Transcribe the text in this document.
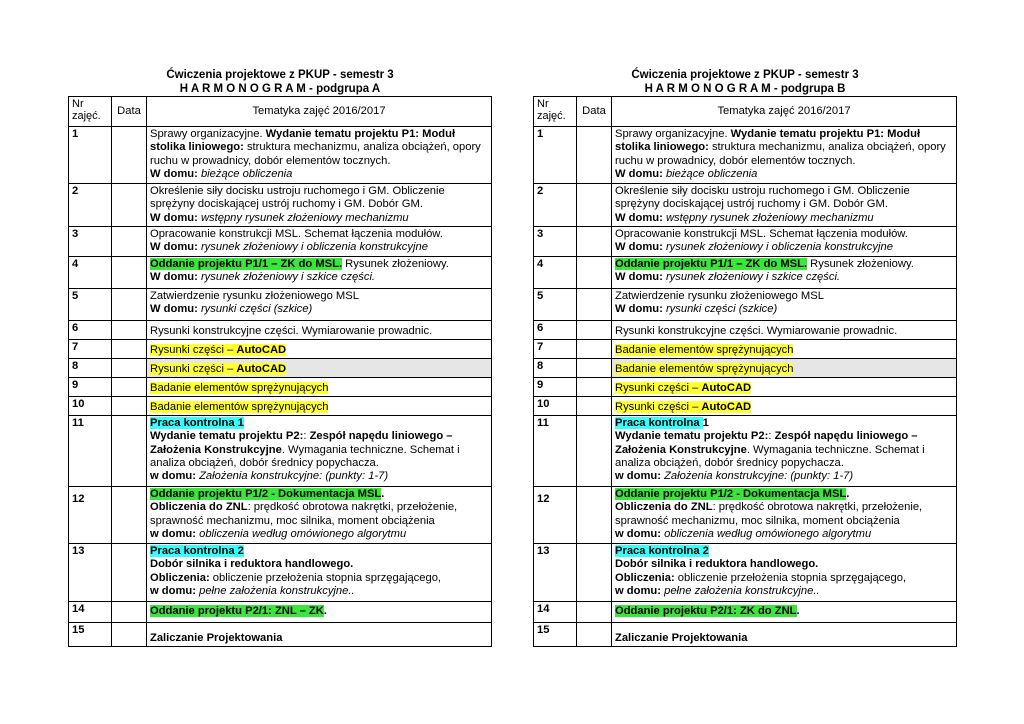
Ćwiczenia projektowe z PKUP - semestr 3
H A R M O N O G R A M - podgrupa A
Nr
zajęć.	Data	Tematyka zajęć 2016/2017
1		Sprawy organizacyjne. Wydanie tematu projektu P1: Moduł stolika liniowego: struktura mechanizmu, analiza obciążeń, opory ruchu w prowadnicy, dobór elementów tocznych.
W domu: bieżące obliczenia
2		Określenie siły docisku ustroju ruchomego i GM. Obliczenie sprężyny dociskającej ustrój ruchomy i GM. Dobór GM.
W domu: wstępny rysunek złożeniowy mechanizmu
3		Opracowanie konstrukcji MSL. Schemat łączenia modułów.
W domu: rysunek złożeniowy i obliczenia konstrukcyjne
4		Oddanie projektu P1/1 – ZK do MSL. Rysunek złożeniowy.
W domu: rysunek złożeniowy i szkice części.
5		Zatwierdzenie rysunku złożeniowego MSL
W domu: rysunki części (szkice)
6		Rysunki konstrukcyjne części. Wymiarowanie prowadnic.
7		Rysunki części – AutoCAD
8		Rysunki części – AutoCAD
9		Badanie elementów sprężynujących
10		Badanie elementów sprężynujących
11		Praca kontrolna 1
Wydanie tematu projektu P2:: Zespół napędu liniowego – Założenia Konstrukcyjne. Wymagania techniczne. Schemat i analiza obciążeń, dobór średnicy popychacza.
w domu: Założenia konstrukcyjne: (punkty: 1-7)
12		Oddanie projektu P1/2 - Dokumentacja MSL.
Obliczenia do ZNL: prędkość obrotowa nakrętki, przełożenie, sprawność mechanizmu, moc silnika, moment obciążenia
w domu: obliczenia według omówionego algorytmu
13		Praca kontrolna 2
Dobór silnika i reduktora handlowego.
Obliczenia: obliczenie przełożenia stopnia sprzęgającego,
w domu: pełne założenia konstrukcyjne..
14		Oddanie projektu P2/1: ZNL – ZK.
15		Zaliczanie Projektowania
Ćwiczenia projektowe z PKUP - semestr 3
H A R M O N O G R A M - podgrupa B
Nr
zajęć.	Data	Tematyka zajęć 2016/2017
1		Sprawy organizacyjne. Wydanie tematu projektu P1: Moduł stolika liniowego: struktura mechanizmu, analiza obciążeń, opory ruchu w prowadnicy, dobór elementów tocznych.
W domu: bieżące obliczenia
2		Określenie siły docisku ustroju ruchomego i GM. Obliczenie sprężyny dociskającej ustrój ruchomy i GM. Dobór GM.
W domu: wstępny rysunek złożeniowy mechanizmu
3		Opracowanie konstrukcji MSL. Schemat łączenia modułów.
W domu: rysunek złożeniowy i obliczenia konstrukcyjne
4		Oddanie projektu P1/1 – ZK do MSL. Rysunek złożeniowy.
W domu: rysunek złożeniowy i szkice części.
5		Zatwierdzenie rysunku złożeniowego MSL
W domu: rysunki części (szkice)
6		Rysunki konstrukcyjne części. Wymiarowanie prowadnic.
7		Badanie elementów sprężynujących
8		Badanie elementów sprężynujących
9		Rysunki części – AutoCAD
10		Rysunki części – AutoCAD
11		Praca kontrolna 1
Wydanie tematu projektu P2:: Zespół napędu liniowego – Założenia Konstrukcyjne. Wymagania techniczne. Schemat i analiza obciążeń, dobór średnicy popychacza.
w domu: Założenia konstrukcyjne: (punkty: 1-7)
12		Oddanie projektu P1/2 - Dokumentacja MSL.
Obliczenia do ZNL: prędkość obrotowa nakrętki, przełożenie, sprawność mechanizmu, moc silnika, moment obciążenia
w domu: obliczenia według omówionego algorytmu
13		Praca kontrolna 2
Dobór silnika i reduktora handlowego.
Obliczenia: obliczenie przełożenia stopnia sprzęgającego,
w domu: pełne założenia konstrukcyjne..
14		Oddanie projektu P2/1: ZK do ZNL.
15		Zaliczanie Projektowania
